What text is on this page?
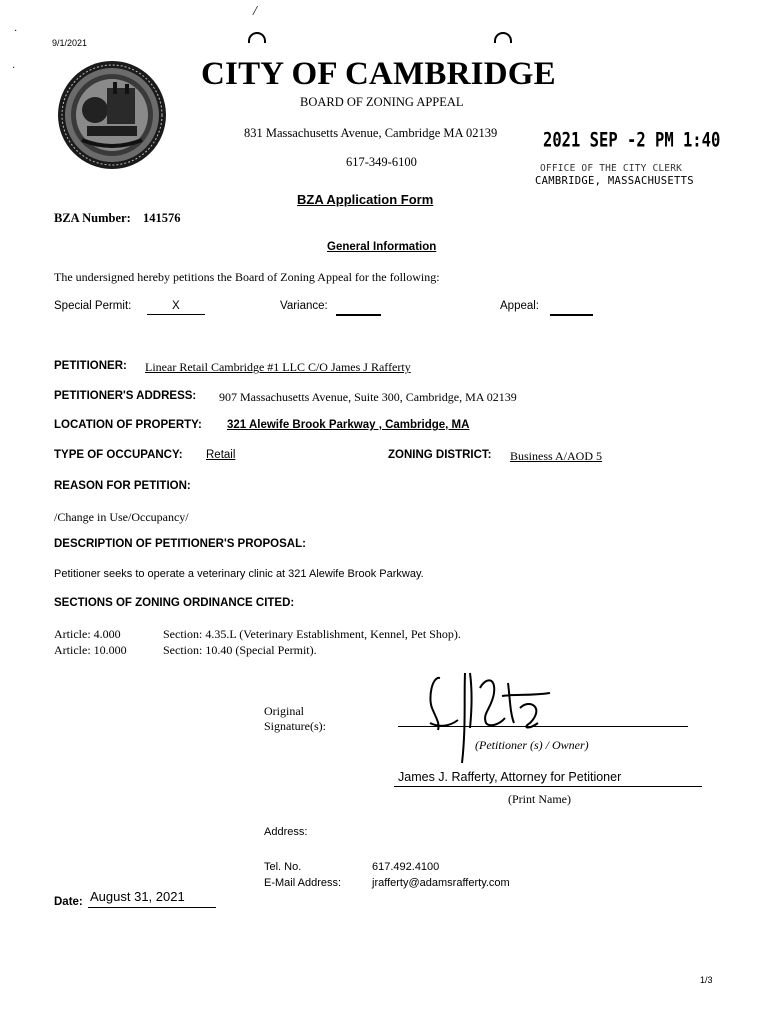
/
·
·
9/1/2021
CITY OF CAMBRIDGE
BOARD OF ZONING APPEAL
831 Massachusetts Avenue, Cambridge MA 02139
617-349-6100
2021 SEP -2 PM 1:40
OFFICE OF THE CITY CLERK
CAMBRIDGE, MASSACHUSETTS
BZA Application Form
BZA Number: 141576
General Information
The undersigned hereby petitions the Board of Zoning Appeal for the following:
Special Permit:	X	Variance:	Appeal:
PETITIONER: Linear Retail Cambridge #1 LLC C/O James J Rafferty
PETITIONER'S ADDRESS: 907 Massachusetts Avenue, Suite 300, Cambridge, MA 02139
LOCATION OF PROPERTY: 321 Alewife Brook Parkway , Cambridge, MA
TYPE OF OCCUPANCY: Retail	ZONING DISTRICT: Business A/AOD 5
REASON FOR PETITION:
/Change in Use/Occupancy/
DESCRIPTION OF PETITIONER'S PROPOSAL:
Petitioner seeks to operate a veterinary clinic at 321 Alewife Brook Parkway.
SECTIONS OF ZONING ORDINANCE CITED:
Article: 4.000	Section: 4.35.L (Veterinary Establishment, Kennel, Pet Shop).
Article: 10.000	Section: 10.40 (Special Permit).
Original
Signature(s):
(Petitioner (s) / Owner)
James J. Rafferty, Attorney for Petitioner
(Print Name)
Address:
Tel. No.	617.492.4100
E-Mail Address:	jrafferty@adamsrafferty.com
Date: August 31, 2021
1/3
